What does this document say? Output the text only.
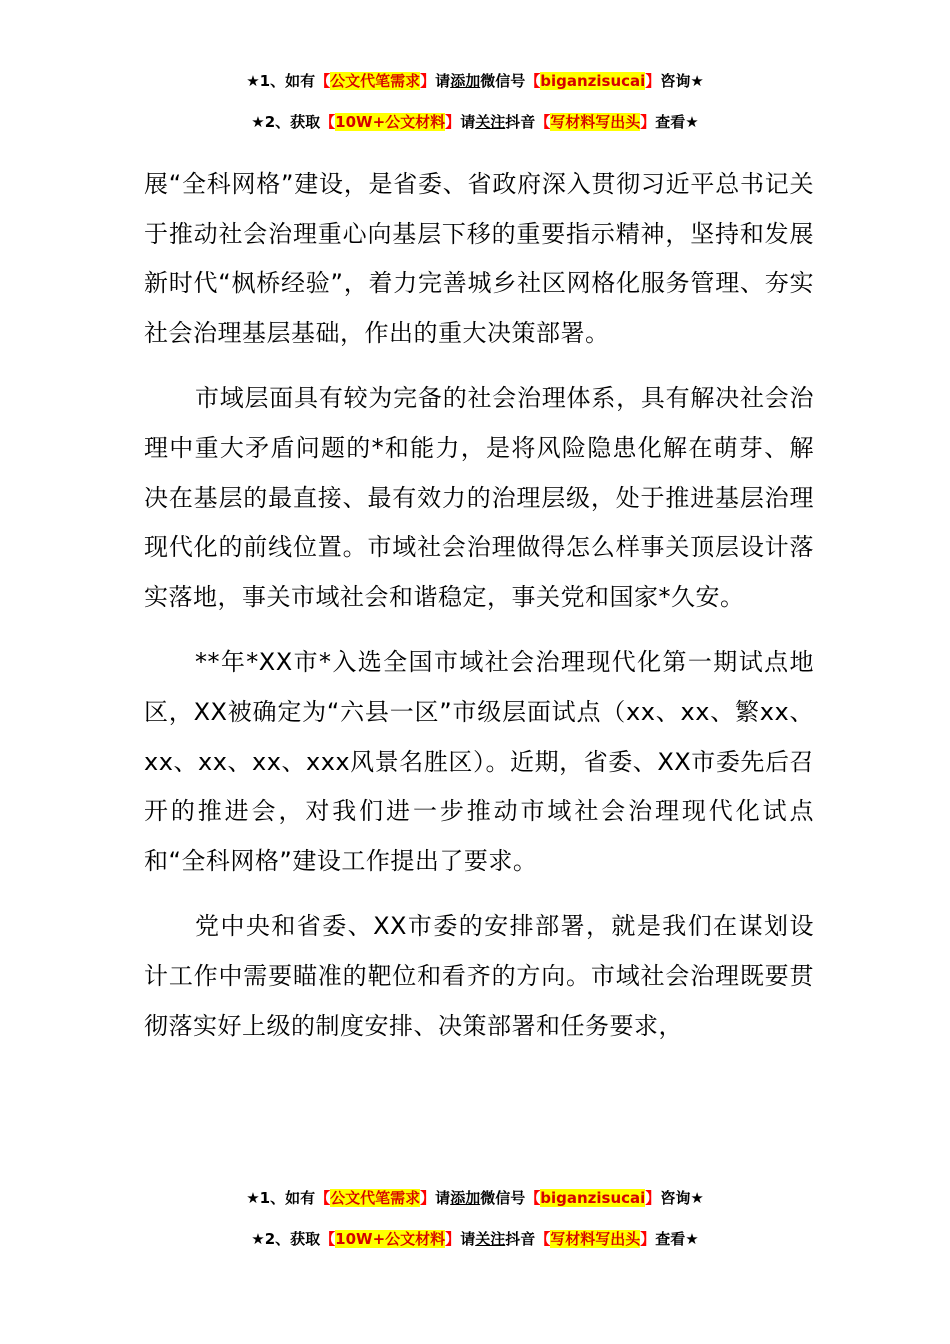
★1、如有【公文代笔需求】请添加微信号【biganzisucai】咨询★
★2、获取【10W+公文材料】请关注抖音【写材料写出头】查看★

展“全科网格”建设，是省委、省政府深入贯彻习近平总书记关于推动社会治理重心向基层下移的重要指示精神，坚持和发展新时代“枫桥经验”，着力完善城乡社区网格化服务管理、夯实社会治理基层基础，作出的重大决策部署。

市域层面具有较为完备的社会治理体系，具有解决社会治理中重大矛盾问题的*和能力，是将风险隐患化解在萌芽、解决在基层的最直接、最有效力的治理层级，处于推进基层治理现代化的前线位置。市域社会治理做得怎么样事关顶层设计落实落地，事关市域社会和谐稳定，事关党和国家*久安。

**年*XX市*入选全国市域社会治理现代化第一期试点地区，XX被确定为“六县一区”市级层面试点（xx、xx、繁xx、xx、xx、xx、xxx风景名胜区）。近期，省委、XX市委先后召开的推进会，对我们进一步推动市域社会治理现代化试点和“全科网格”建设工作提出了要求。

党中央和省委、XX市委的安排部署，就是我们在谋划设计工作中需要瞄准的靶位和看齐的方向。市域社会治理既要贯彻落实好上级的制度安排、决策部署和任务要求，

★1、如有【公文代笔需求】请添加微信号【biganzisucai】咨询★
★2、获取【10W+公文材料】请关注抖音【写材料写出头】查看★
